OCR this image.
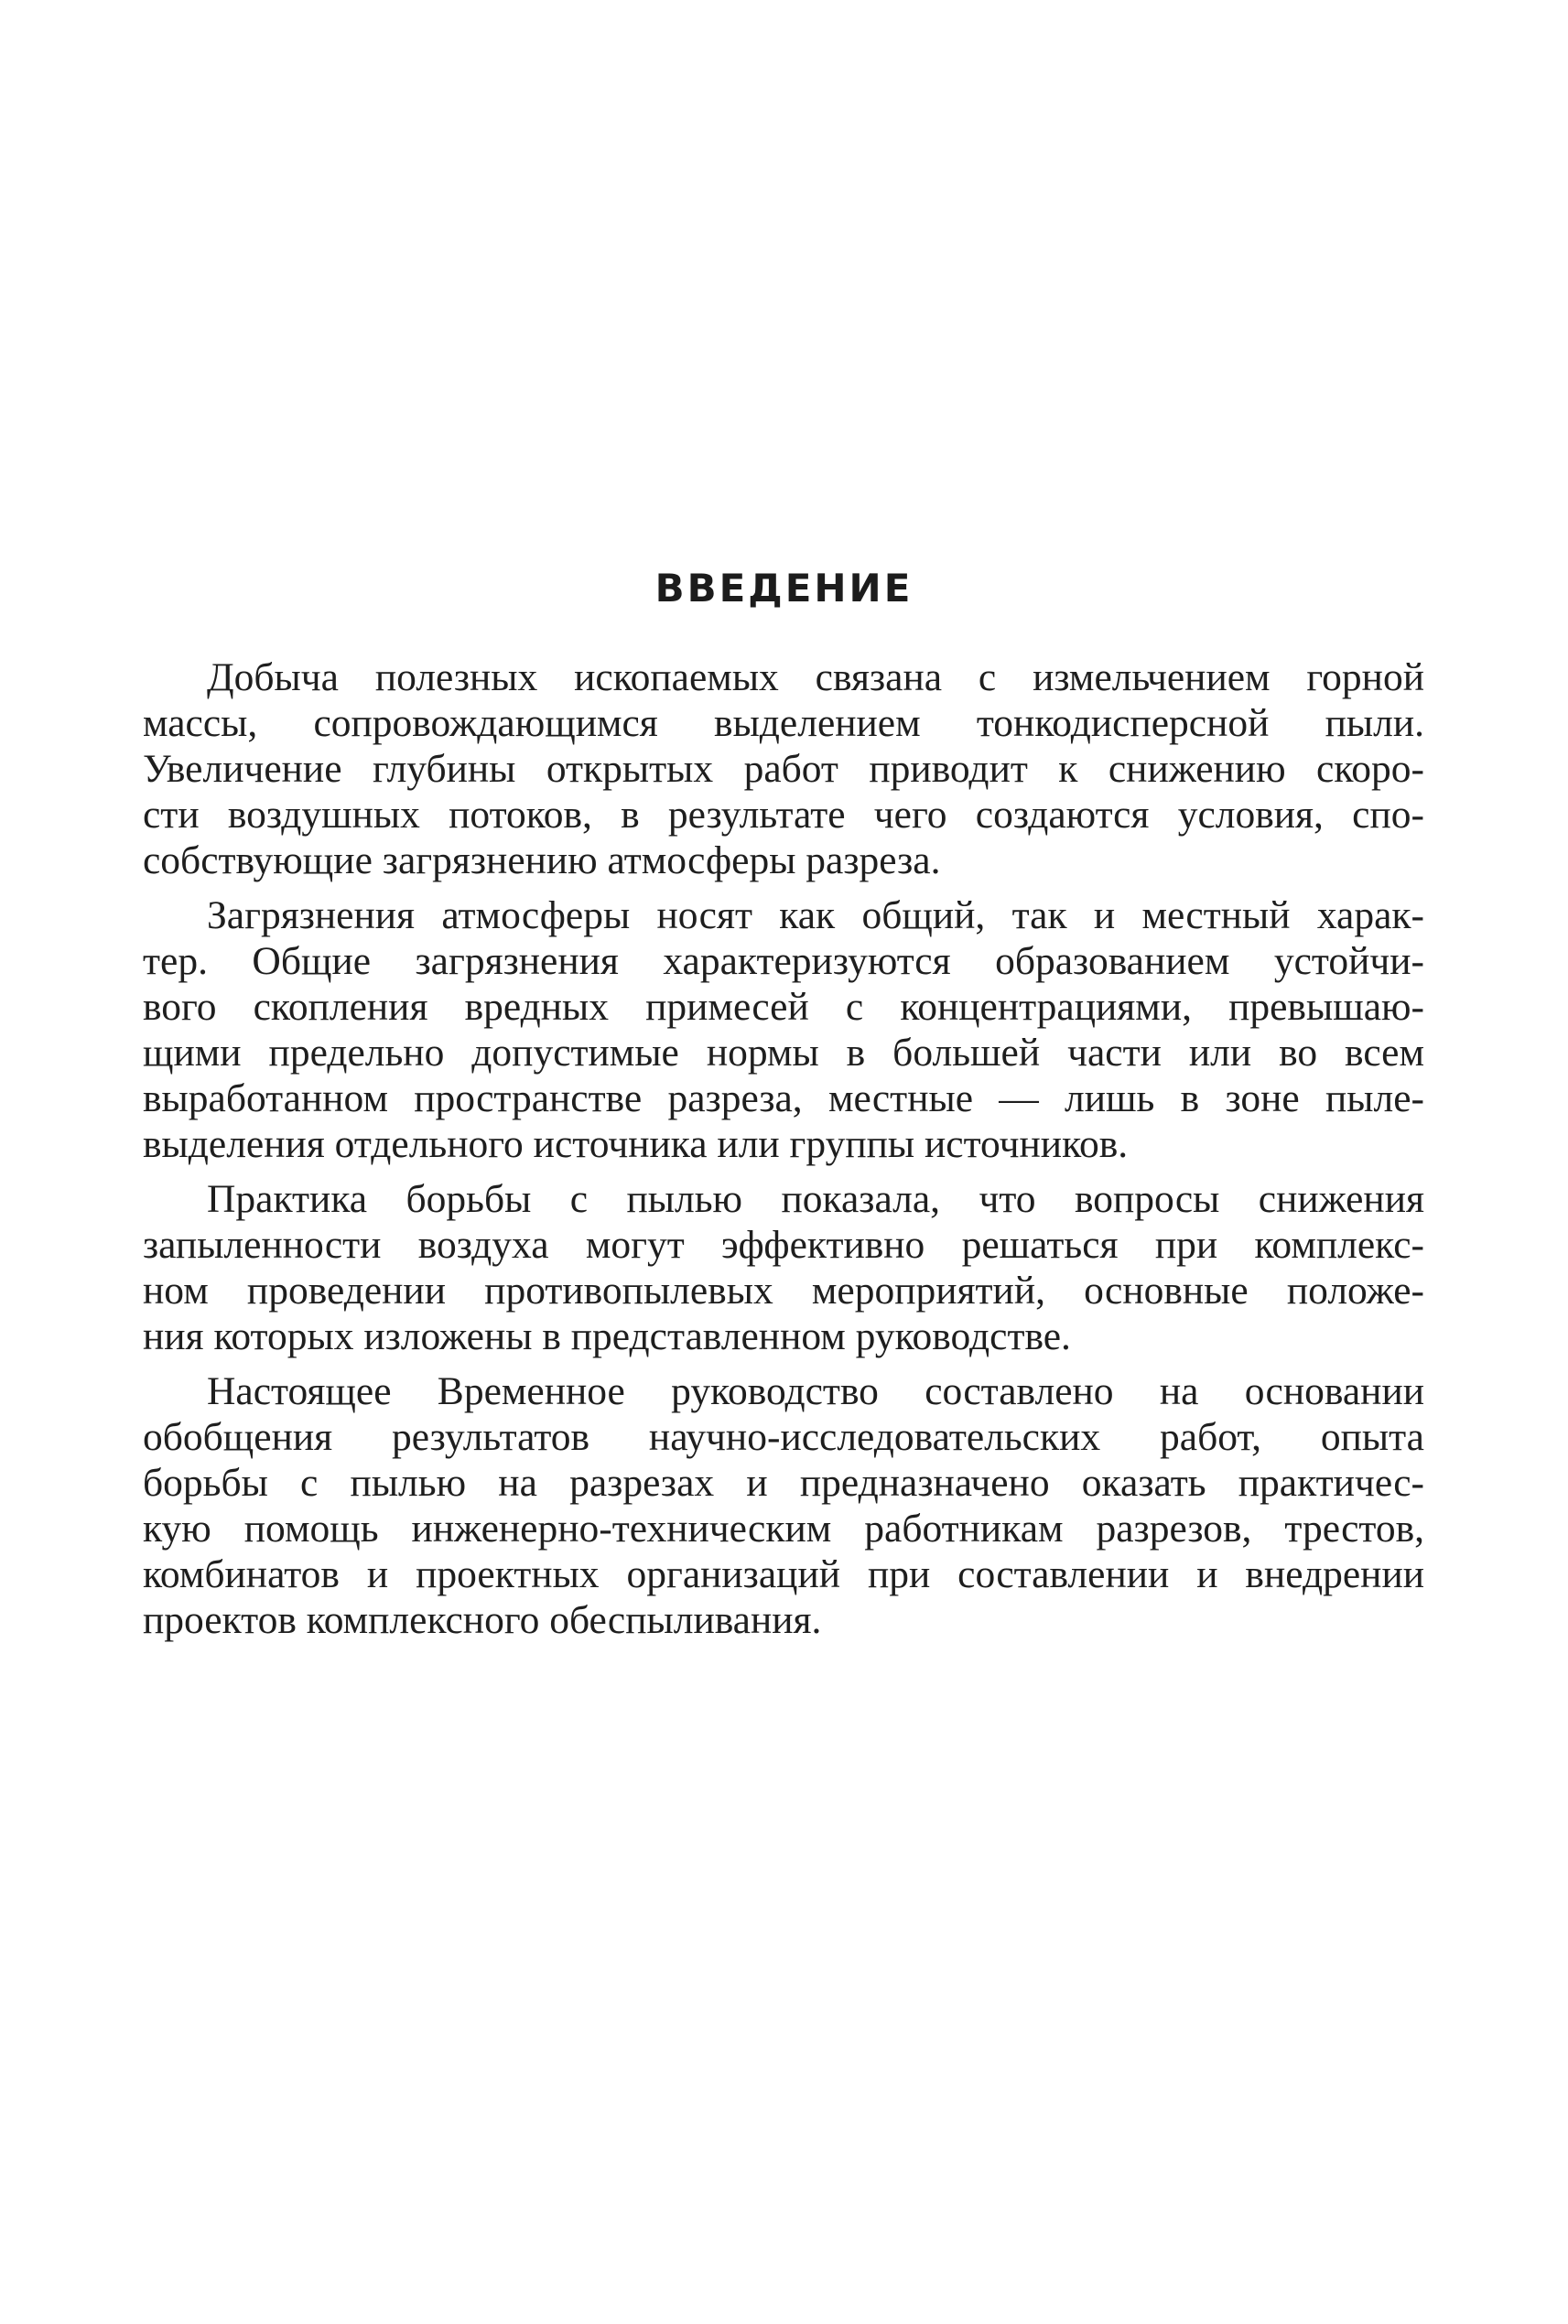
ВВЕДЕНИЕ
Добыча полезных ископаемых связана с измельчением горной
массы, сопровождающимся выделением тонкодисперсной пыли.
Увеличение глубины открытых работ приводит к снижению скоро-
сти воздушных потоков, в результате чего создаются условия, спо-
собствующие загрязнению атмосферы разреза.
Загрязнения атмосферы носят как общий, так и местный харак-
тер. Общие загрязнения характеризуются образованием устойчи-
вого скопления вредных примесей с концентрациями, превышаю-
щими предельно допустимые нормы в большей части или во всем
выработанном пространстве разреза, местные — лишь в зоне пыле-
выделения отдельного источника или группы источников.
Практика борьбы с пылью показала, что вопросы снижения
запыленности воздуха могут эффективно решаться при комплекс-
ном проведении противопылевых мероприятий, основные положе-
ния которых изложены в представленном руководстве.
Настоящее Временное руководство составлено на основании
обобщения результатов научно-исследовательских работ, опыта
борьбы с пылью на разрезах и предназначено оказать практичес-
кую помощь инженерно-техническим работникам разрезов, трестов,
комбинатов и проектных организаций при составлении и внедрении
проектов комплексного обеспыливания.
